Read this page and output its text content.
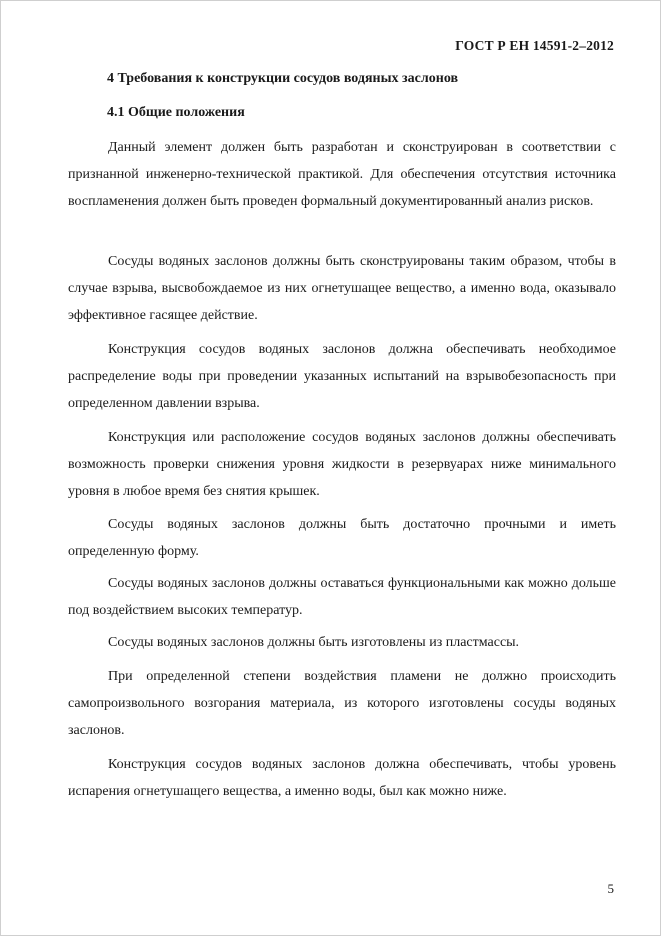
ГОСТ Р ЕН 14591-2–2012
4 Требования к конструкции сосудов водяных заслонов
4.1 Общие положения

Данный элемент должен быть разработан и сконструирован в соответствии с признанной инженерно-технической практикой. Для обеспечения отсутствия источника воспламенения должен быть проведен формальный документированный анализ рисков.

Сосуды водяных заслонов должны быть сконструированы таким образом, чтобы в случае взрыва, высвобождаемое из них огнетушащее вещество, а именно вода, оказывало эффективное гасящее действие.

Конструкция сосудов водяных заслонов должна обеспечивать необходимое распределение воды при проведении указанных испытаний на взрывобезопасность при определенном давлении взрыва.

Конструкция или расположение сосудов водяных заслонов должны обеспечивать возможность проверки снижения уровня жидкости в резервуарах ниже минимального уровня в любое время без снятия крышек.

Сосуды водяных заслонов должны быть достаточно прочными и иметь определенную форму.

Сосуды водяных заслонов должны оставаться функциональными как можно дольше под воздействием высоких температур.

Сосуды водяных заслонов должны быть изготовлены из пластмассы.

При определенной степени воздействия пламени не должно происходить самопроизвольного возгорания материала, из которого изготовлены сосуды водяных заслонов.

Конструкция сосудов водяных заслонов должна обеспечивать, чтобы уровень испарения огнетушащего вещества, а именно воды, был как можно ниже.

5
